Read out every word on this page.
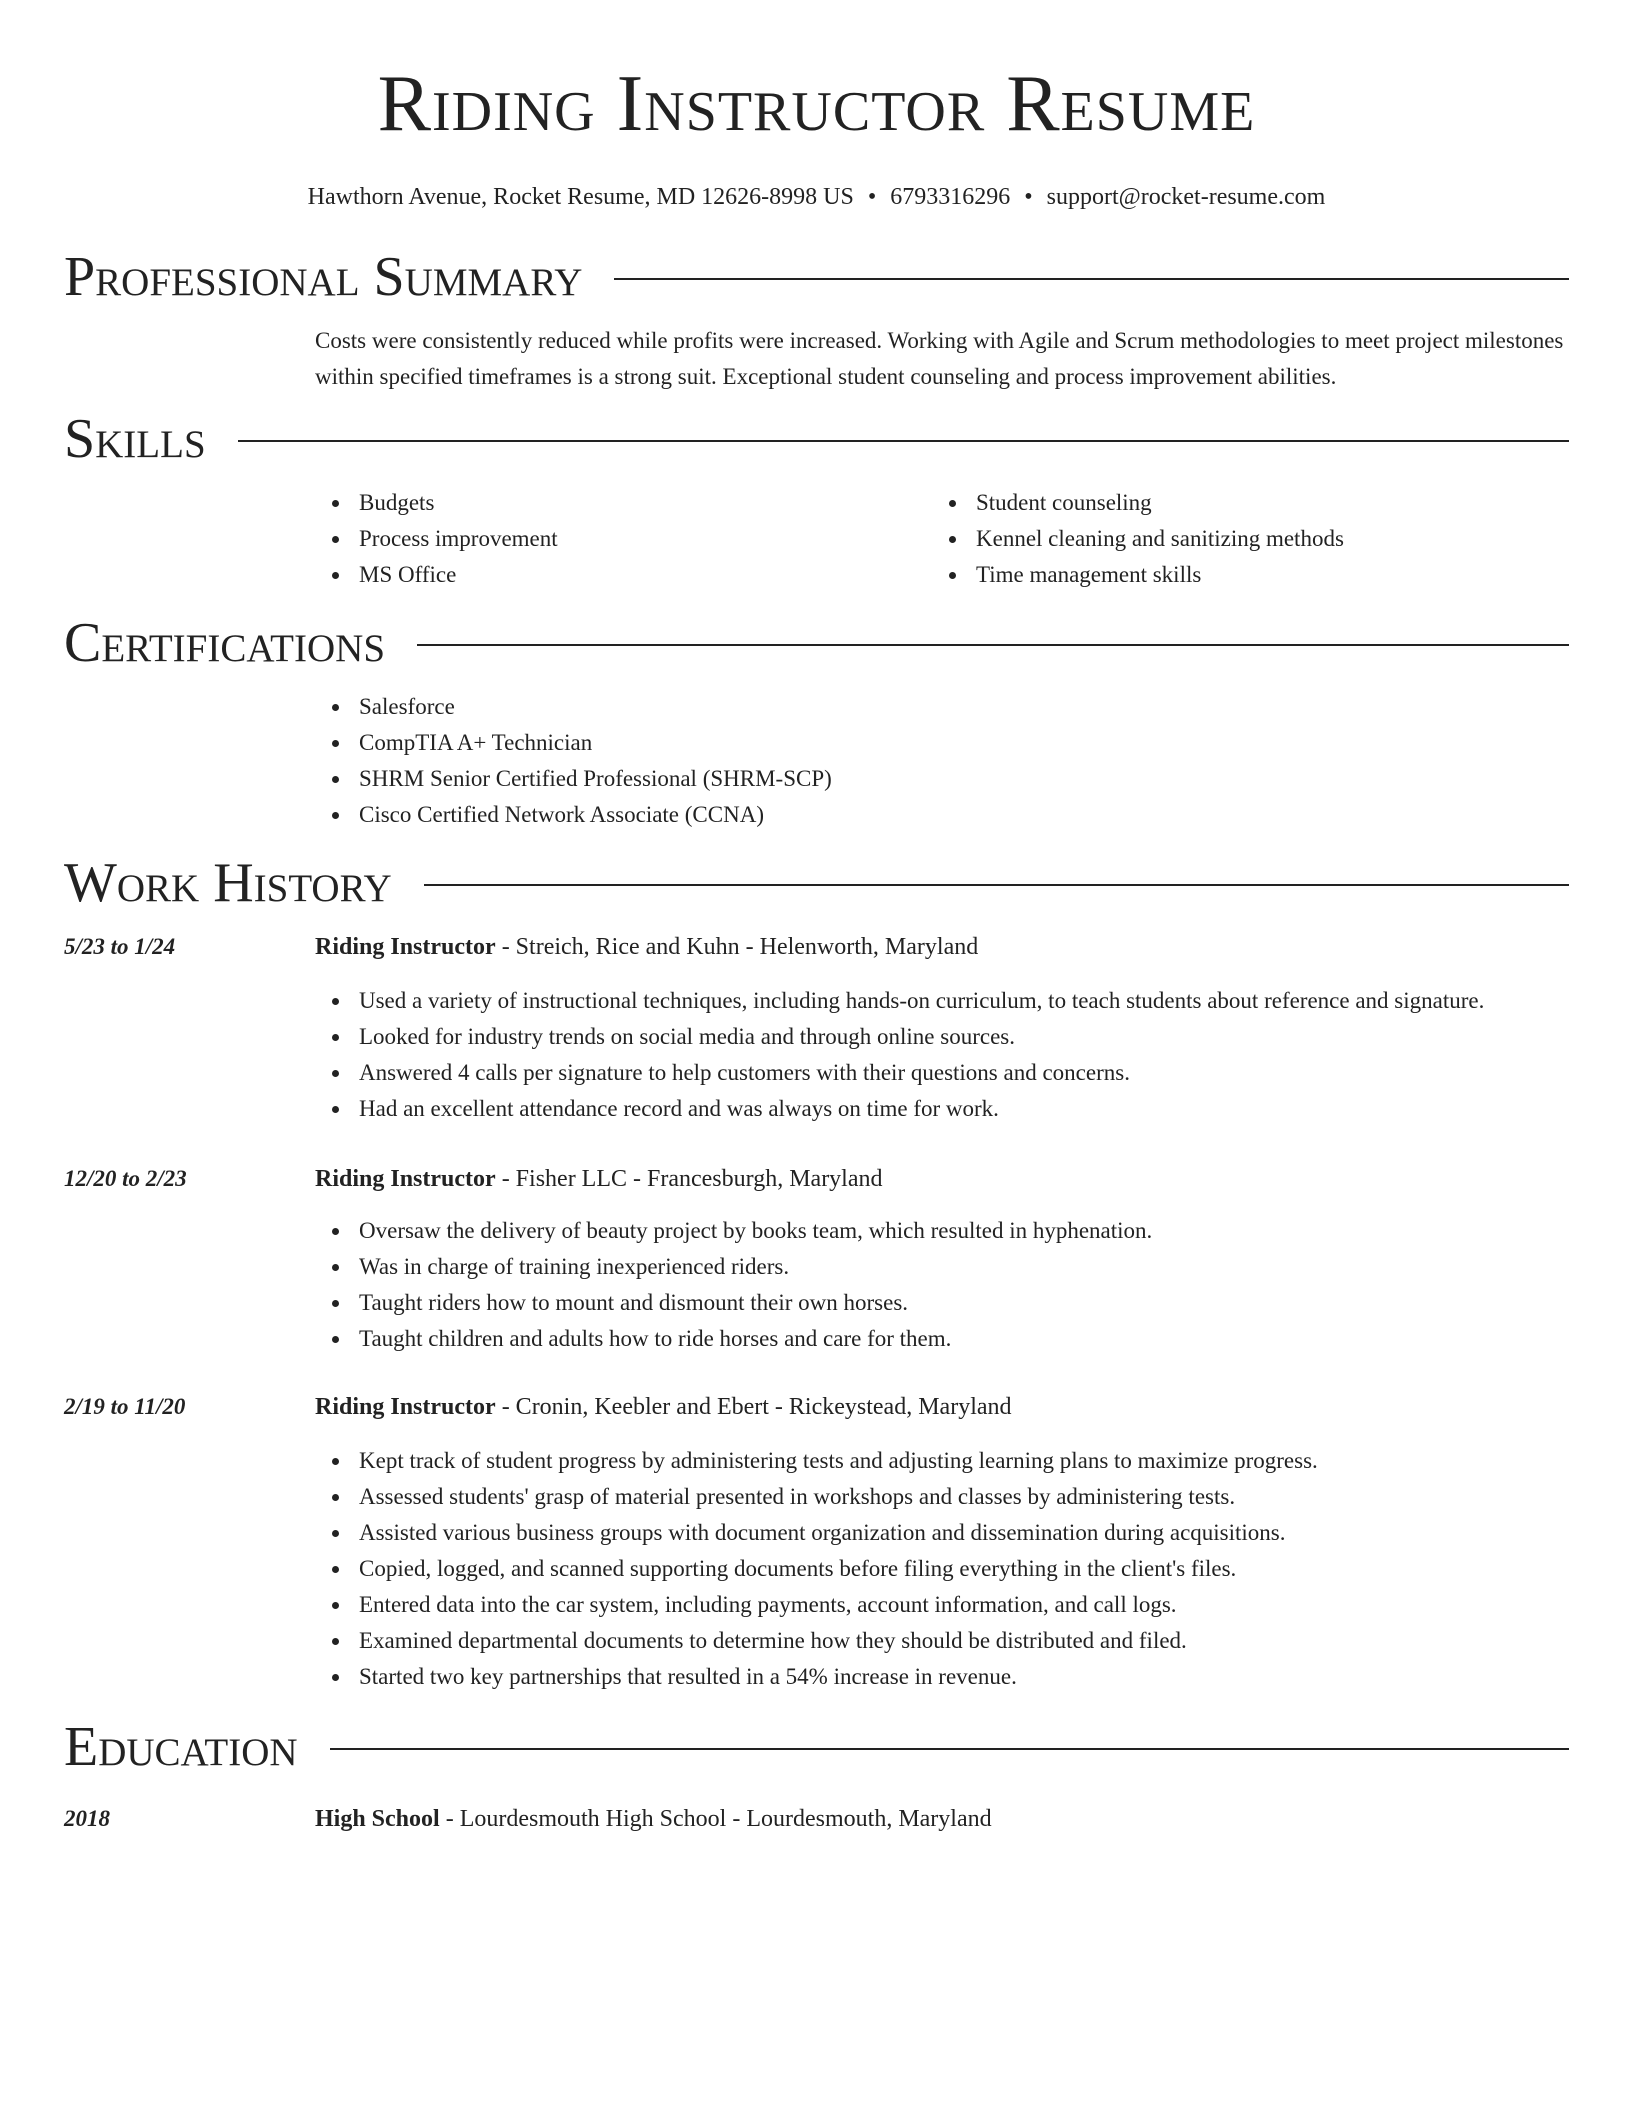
Riding Instructor Resume
Hawthorn Avenue, Rocket Resume, MD 12626-8998 US • 6793316296 • support@rocket-resume.com
Professional Summary
Costs were consistently reduced while profits were increased. Working with Agile and Scrum methodologies to meet project milestones within specified timeframes is a strong suit. Exceptional student counseling and process improvement abilities.
Skills
Budgets
Process improvement
MS Office
Student counseling
Kennel cleaning and sanitizing methods
Time management skills
Certifications
Salesforce
CompTIA A+ Technician
SHRM Senior Certified Professional (SHRM-SCP)
Cisco Certified Network Associate (CCNA)
Work History
5/23 to 1/24	Riding Instructor - Streich, Rice and Kuhn - Helenworth, Maryland
Used a variety of instructional techniques, including hands-on curriculum, to teach students about reference and signature.
Looked for industry trends on social media and through online sources.
Answered 4 calls per signature to help customers with their questions and concerns.
Had an excellent attendance record and was always on time for work.
12/20 to 2/23	Riding Instructor - Fisher LLC - Francesburgh, Maryland
Oversaw the delivery of beauty project by books team, which resulted in hyphenation.
Was in charge of training inexperienced riders.
Taught riders how to mount and dismount their own horses.
Taught children and adults how to ride horses and care for them.
2/19 to 11/20	Riding Instructor - Cronin, Keebler and Ebert - Rickeystead, Maryland
Kept track of student progress by administering tests and adjusting learning plans to maximize progress.
Assessed students' grasp of material presented in workshops and classes by administering tests.
Assisted various business groups with document organization and dissemination during acquisitions.
Copied, logged, and scanned supporting documents before filing everything in the client's files.
Entered data into the car system, including payments, account information, and call logs.
Examined departmental documents to determine how they should be distributed and filed.
Started two key partnerships that resulted in a 54% increase in revenue.
Education
2018	High School - Lourdesmouth High School - Lourdesmouth, Maryland
